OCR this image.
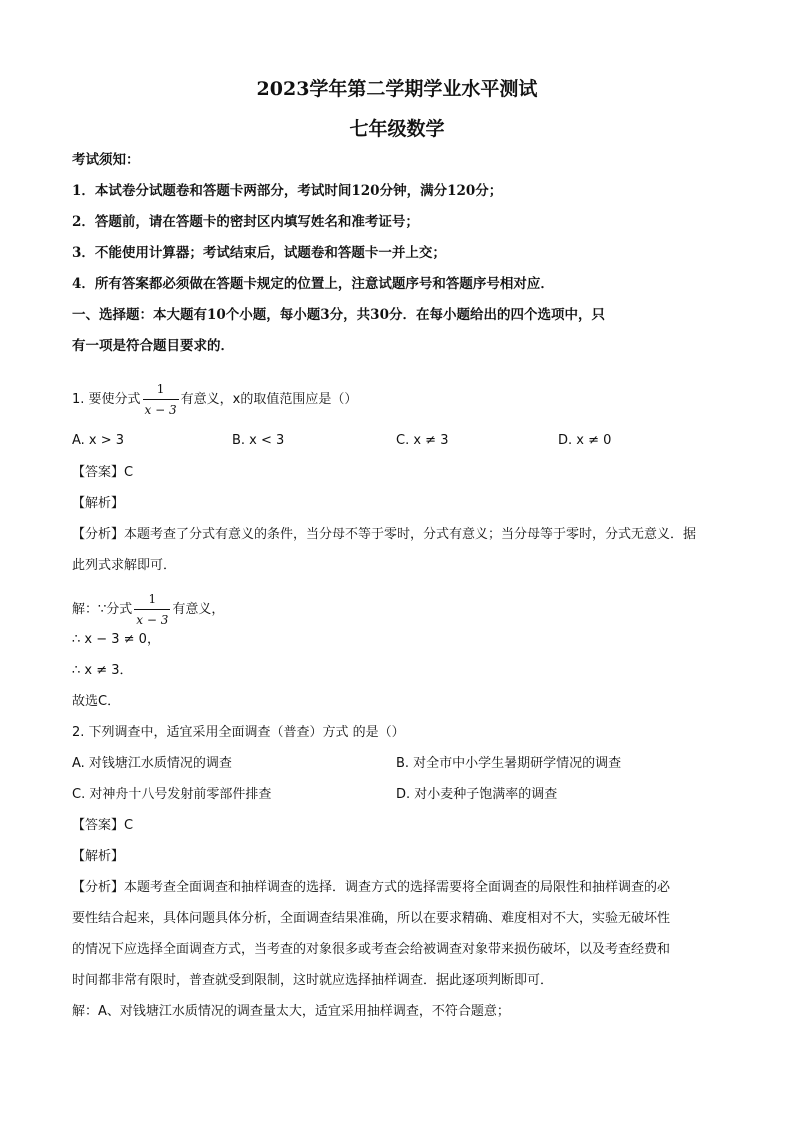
2023学年第二学期学业水平测试
七年级数学
考试须知：
1．本试卷分试题卷和答题卡两部分，考试时间120分钟，满分120分；
2．答题前，请在答题卡的密封区内填写姓名和准考证号；
3．不能使用计算器；考试结束后，试题卷和答题卡一并上交；
4．所有答案都必须做在答题卡规定的位置上，注意试题序号和答题序号相对应．
一、选择题：本大题有10个小题，每小题3分，共30分．在每小题给出的四个选项中，只
有一项是符合题目要求的．
1. 要使分式 $\frac{1}{x - 3}$ 有意义，x的取值范围应是（）
A. x > 3	B. x < 3	C. x ≠ 3	D. x ≠ 0
【答案】C
【解析】
【分析】本题考查了分式有意义的条件，当分母不等于零时，分式有意义；当分母等于零时，分式无意义．据
此列式求解即可．
解：∵分式 $\frac{1}{x - 3}$ 有意义，
∴ x − 3 ≠ 0，
∴ x ≠ 3．
故选C．
2. 下列调查中，适宜采用全面调查（普查）方式 的是（）
A. 对钱塘江水质情况的调查	B. 对全市中小学生暑期研学情况的调查
C. 对神舟十八号发射前零部件排查	D. 对小麦种子饱满率的调查
【答案】C
【解析】
【分析】本题考查全面调查和抽样调查的选择．调查方式的选择需要将全面调查的局限性和抽样调查的必
要性结合起来，具体问题具体分析，全面调查结果准确，所以在要求精确、难度相对不大，实验无破坏性
的情况下应选择全面调查方式，当考查的对象很多或考查会给被调查对象带来损伤破坏，以及考查经费和
时间都非常有限时，普查就受到限制，这时就应选择抽样调查．据此逐项判断即可．
解：A、对钱塘江水质情况的调查量太大，适宜采用抽样调查，不符合题意；
